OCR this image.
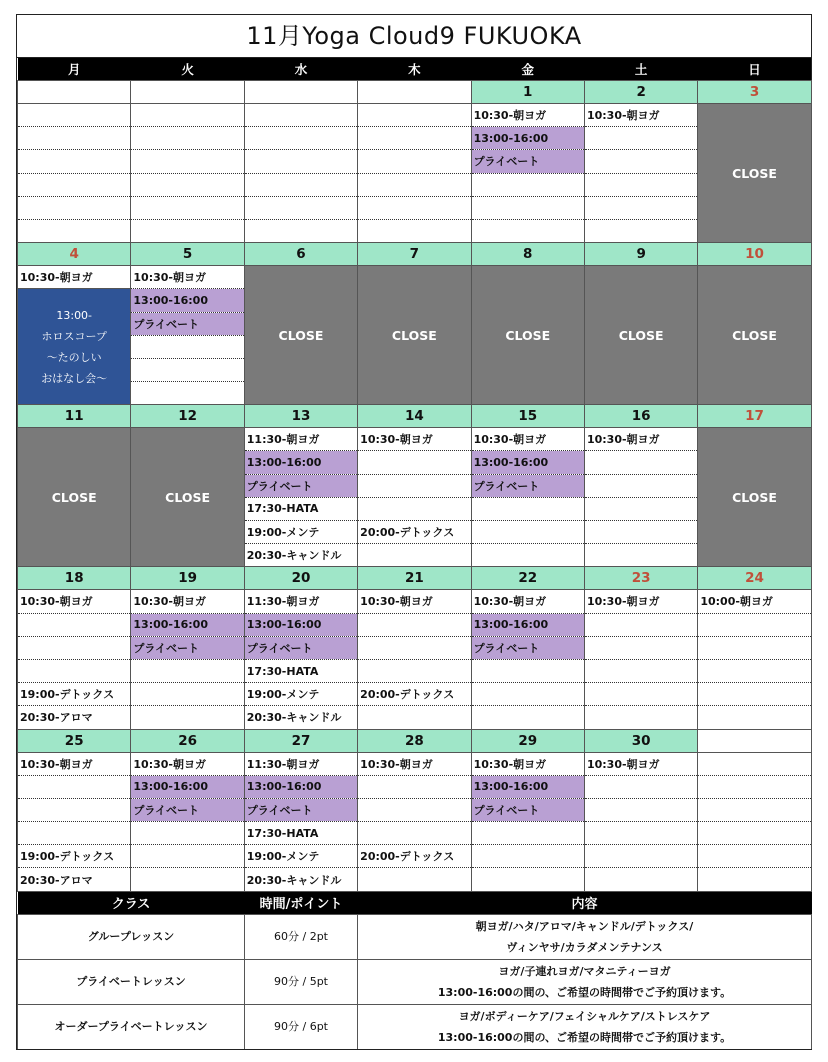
11月Yoga Cloud9 FUKUOKA
月	火	水	木	金	土	日
				1	2	3
				10:30-朝ヨガ	10:30-朝ヨガ	CLOSE
				13:00-16:00		
				プライベート		

4	5	6	7	8	9	10
10:30-朝ヨガ	10:30-朝ヨガ	CLOSE	CLOSE	CLOSE	CLOSE	CLOSE

13:00-
ホロスコープ
〜たのしい
おはなし会〜	13:00-16:00					
	プライベート					

11	12	13	14	15	16	17
CLOSE	CLOSE	11:30-朝ヨガ	10:30-朝ヨガ	10:30-朝ヨガ	10:30-朝ヨガ	CLOSE
		13:00-16:00		13:00-16:00		
		プライベート		プライベート		
		17:30-HATA				
		19:00-メンテ	20:00-デトックス			
		20:30-キャンドル				
18	19	20	21	22	23	24
10:30-朝ヨガ	10:30-朝ヨガ	11:30-朝ヨガ	10:30-朝ヨガ	10:30-朝ヨガ	10:30-朝ヨガ	10:00-朝ヨガ
	13:00-16:00	13:00-16:00		13:00-16:00		
	プライベート	プライベート		プライベート		
		17:30-HATA				
19:00-デトックス		19:00-メンテ	20:00-デトックス			
20:30-アロマ		20:30-キャンドル				
25	26	27	28	29	30	
10:30-朝ヨガ	10:30-朝ヨガ	11:30-朝ヨガ	10:30-朝ヨガ	10:30-朝ヨガ	10:30-朝ヨガ	
	13:00-16:00	13:00-16:00		13:00-16:00		
	プライベート	プライベート		プライベート		
		17:30-HATA				
19:00-デトックス		19:00-メンテ	20:00-デトックス			
20:30-アロマ		20:30-キャンドル				
クラス	時間/ポイント	内容
グループレッスン	60分 / 2pt	朝ヨガ/ハタ/アロマ/キャンドル/デトックス/
ヴィンヤサ/カラダメンテナンス

プライベートレッスン	90分 / 5pt	ヨガ/子連れヨガ/マタニティーヨガ
13:00-16:00の間の、ご希望の時間帯でご予約頂けます。

オーダープライベートレッスン	90分 / 6pt	ヨガ/ボディーケア/フェイシャルケア/ストレスケア
13:00-16:00の間の、ご希望の時間帯でご予約頂けます。
